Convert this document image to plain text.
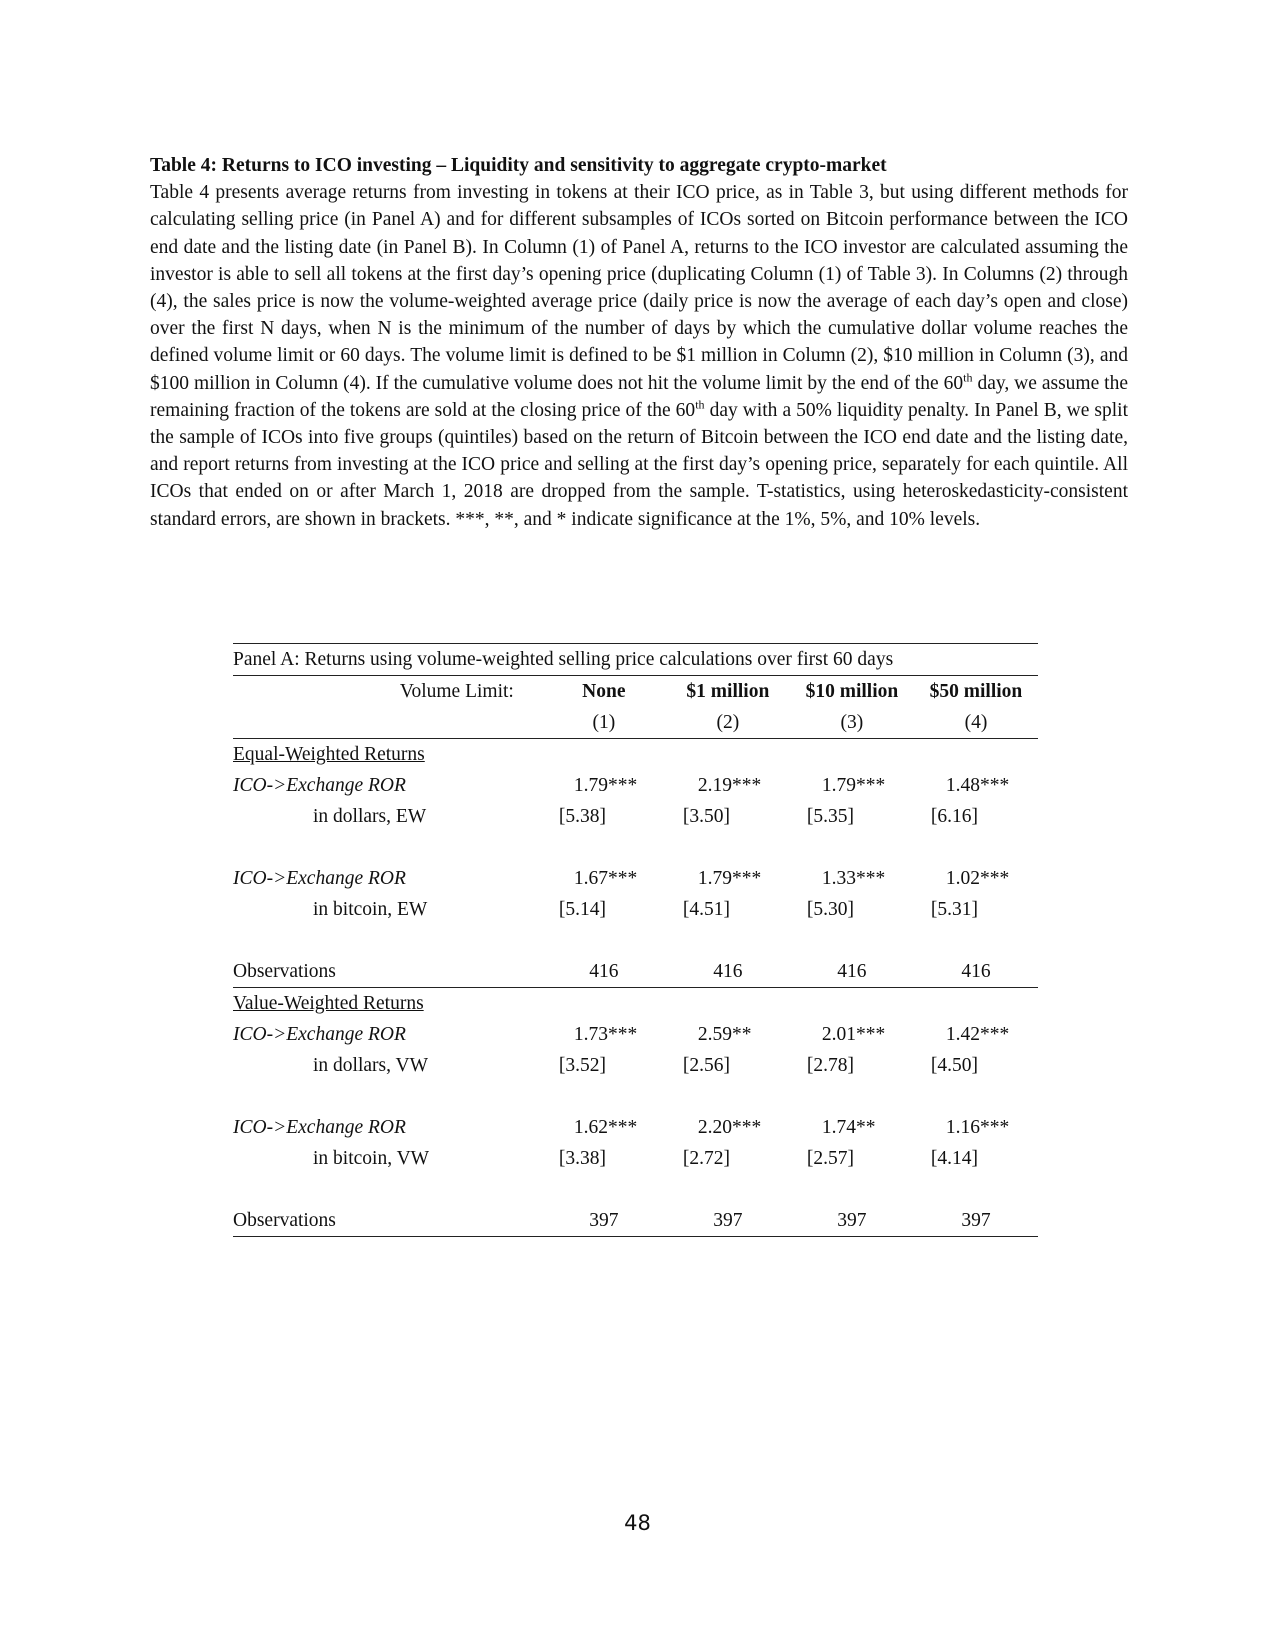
Table 4: Returns to ICO investing – Liquidity and sensitivity to aggregate crypto-market
Table 4 presents average returns from investing in tokens at their ICO price, as in Table 3, but using different methods for calculating selling price (in Panel A) and for different subsamples of ICOs sorted on Bitcoin performance between the ICO end date and the listing date (in Panel B). In Column (1) of Panel A, returns to the ICO investor are calculated assuming the investor is able to sell all tokens at the first day’s opening price (duplicating Column (1) of Table 3). In Columns (2) through (4), the sales price is now the volume-weighted average price (daily price is now the average of each day’s open and close) over the first N days, when N is the minimum of the number of days by which the cumulative dollar volume reaches the defined volume limit or 60 days. The volume limit is defined to be $1 million in Column (2), $10 million in Column (3), and $100 million in Column (4). If the cumulative volume does not hit the volume limit by the end of the 60th day, we assume the remaining fraction of the tokens are sold at the closing price of the 60th day with a 50% liquidity penalty. In Panel B, we split the sample of ICOs into five groups (quintiles) based on the return of Bitcoin between the ICO end date and the listing date, and report returns from investing at the ICO price and selling at the first day’s opening price, separately for each quintile. All ICOs that ended on or after March 1, 2018 are dropped from the sample. T-statistics, using heteroskedasticity-consistent standard errors, are shown in brackets. ***, **, and * indicate significance at the 1%, 5%, and 10% levels.
Panel A: Returns using volume-weighted selling price calculations over first 60 days				
Volume Limit:	None	$1 million	$10 million	$50 million
	(1)	(2)	(3)	(4)
Equal-Weighted Returns				
ICO->Exchange ROR	1.79***	2.19***	1.79***	1.48***
in dollars, EW	[5.38]	[3.50]	[5.35]	[6.16]

ICO->Exchange ROR	1.67***	1.79***	1.33***	1.02***
in bitcoin, EW	[5.14]	[4.51]	[5.30]	[5.31]

Observations	416	416	416	416
Value-Weighted Returns				
ICO->Exchange ROR	1.73***	2.59**	2.01***	1.42***
in dollars, VW	[3.52]	[2.56]	[2.78]	[4.50]

ICO->Exchange ROR	1.62***	2.20***	1.74**	1.16***
in bitcoin, VW	[3.38]	[2.72]	[2.57]	[4.14]

Observations	397	397	397	397
48
